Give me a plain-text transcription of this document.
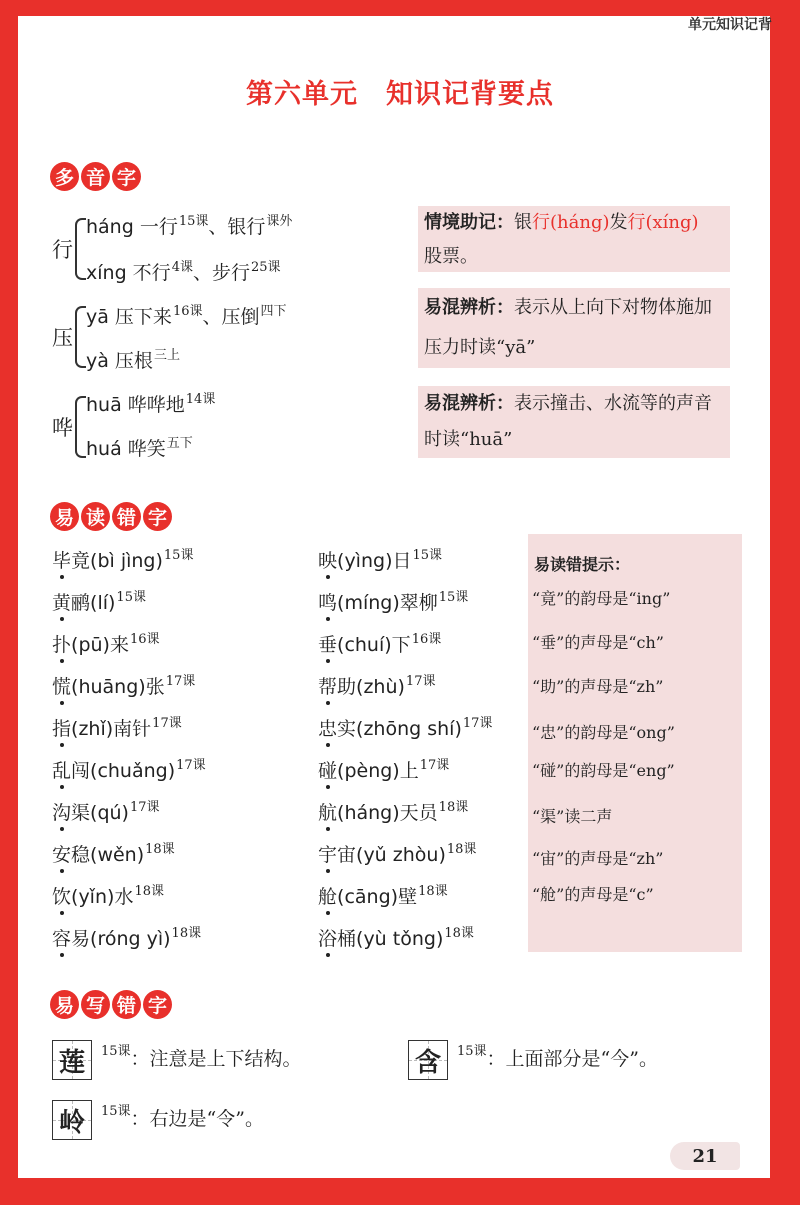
单元知识记背
第六单元　知识记背要点
多 音 字
行
háng 一行$^{15课}$、银行$^{课外}$
xíng 不行$^{4课}$、步行$^{25课}$
压
yā 压下来$^{16课}$、压倒$^{四下}$
yà 压根$^{三上}$
哗
huā 哗哗地$^{14课}$
huá 哗笑$^{五下}$
情境助记：银行(háng)发行(xíng)
股票。
易混辨析：表示从上向下对物体施加压力时读“yā”
易混辨析：表示撞击、水流等的声音时读“huā”
易 读 错 字
毕竟(bì jìng)$^{15课}$
黄鹂(lí)$^{15课}$
扑(pū)来$^{16课}$
慌(huāng)张$^{17课}$
指(zhǐ)南针$^{17课}$
乱闯(chuǎng)$^{17课}$
沟渠(qú)$^{17课}$
安稳(wěn)$^{18课}$
饮(yǐn)水$^{18课}$
容易(róng yì)$^{18课}$
映(yìng)日$^{15课}$
鸣(míng)翠柳$^{15课}$
垂(chuí)下$^{16课}$
帮助(zhù)$^{17课}$
忠实(zhōng shí)$^{17课}$
碰(pèng)上$^{17课}$
航(háng)天员$^{18课}$
宇宙(yǔ zhòu)$^{18课}$
舱(cāng)壁$^{18课}$
浴桶(yù tǒng)$^{18课}$
易读错提示：
“竟”的韵母是“ing”
“垂”的声母是“ch”
“助”的声母是“zh”
“忠”的韵母是“ong”
“碰”的韵母是“eng”
“渠”读二声
“宙”的声母是“zh”
“舱”的声母是“c”
易 写 错 字
莲 $^{15课}$：注意是上下结构。	含 $^{15课}$：上面部分是“今”。
岭 $^{15课}$：右边是“令”。
21
